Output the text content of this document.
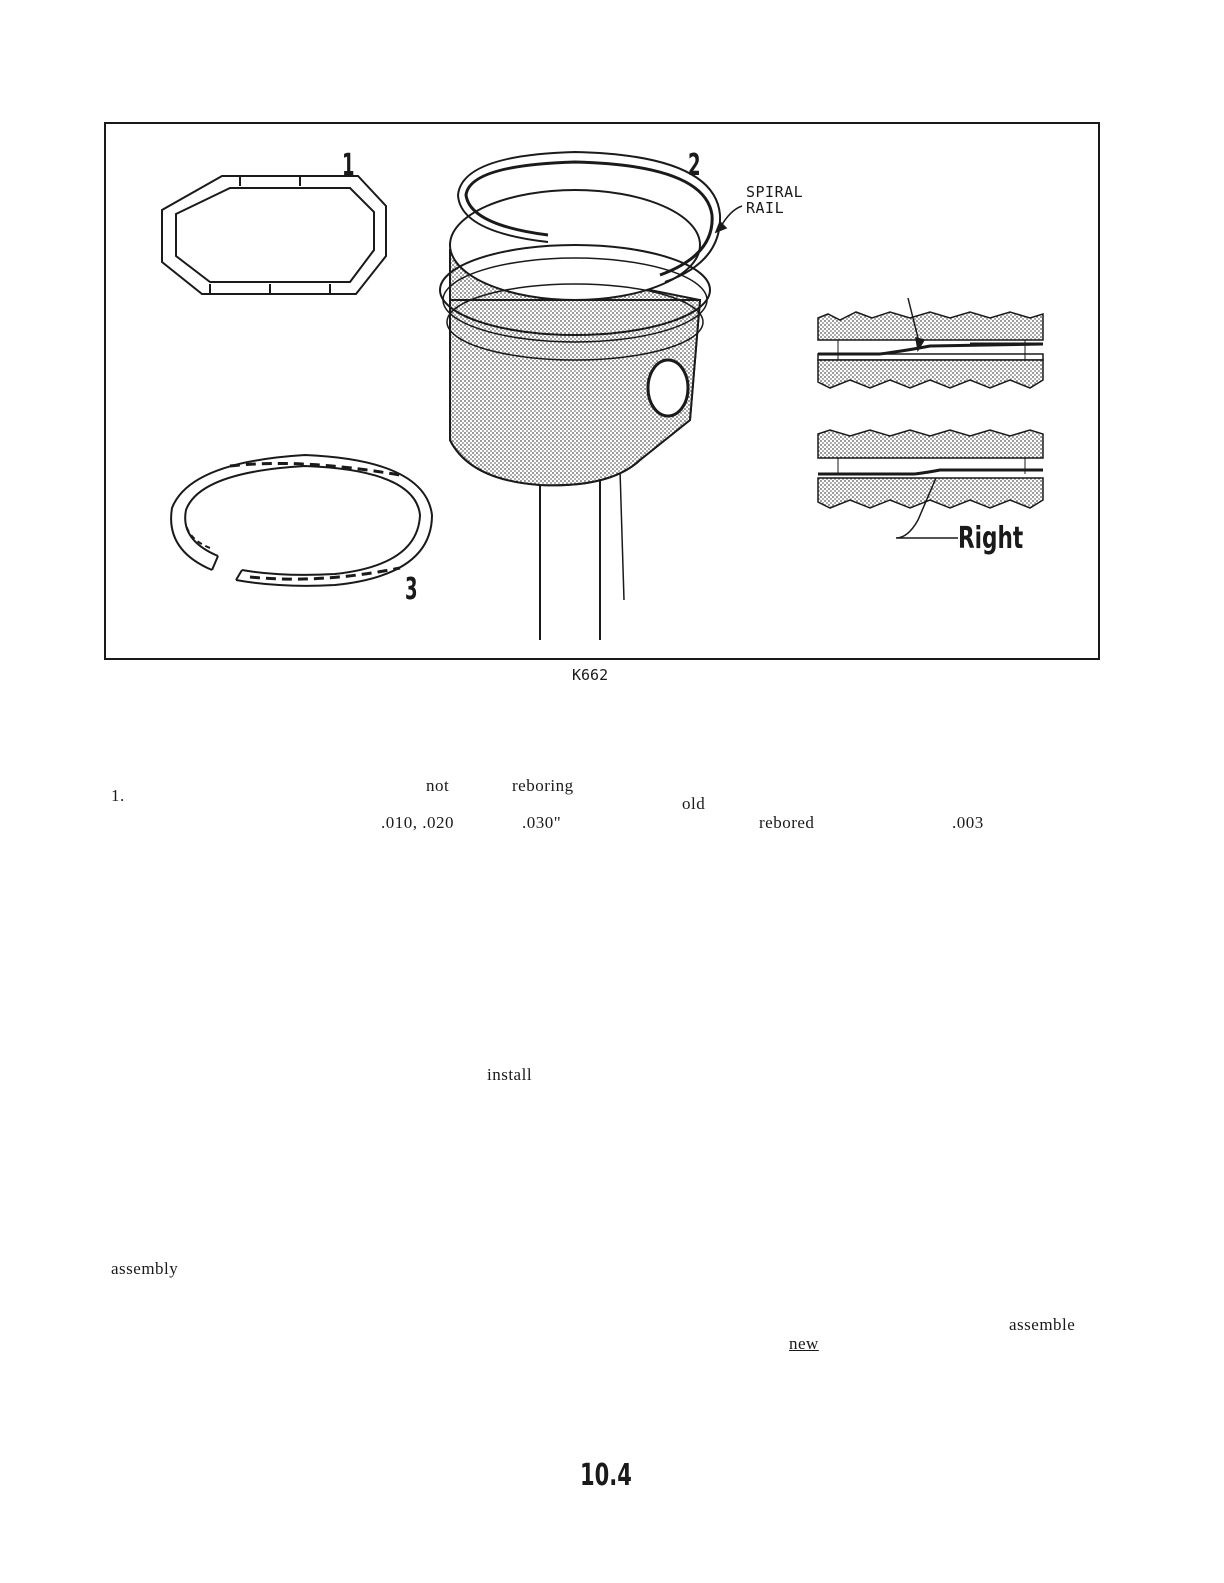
1	2
3
SPIRAL
RAIL
Right
K662
1.
not	reboring
old
.010, .020	.030"	rebored	.003
install
assembly
assemble
new
10.4
